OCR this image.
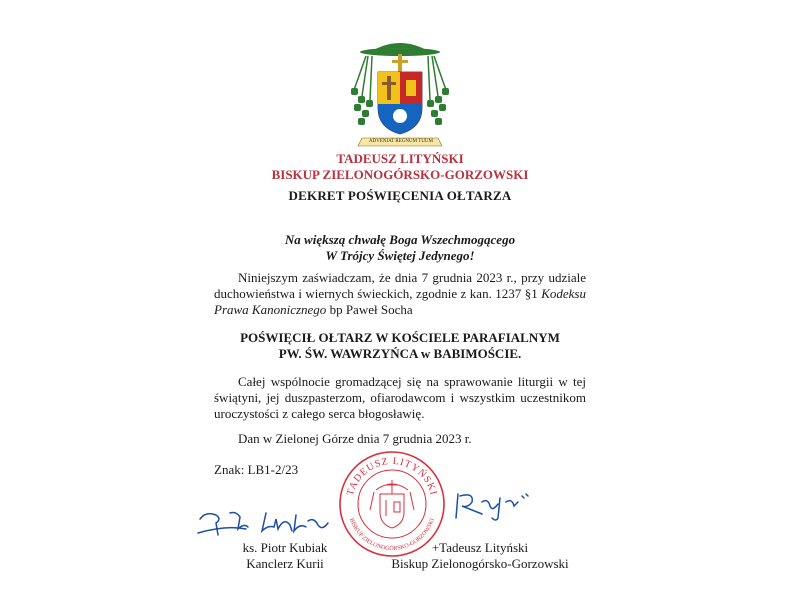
ADVENIAT REGNUM TUUM
TADEUSZ LITYŃSKI
BISKUP ZIELONOGÓRSKO-GORZOWSKI
DEKRET POŚWIĘCENIA OŁTARZA
Na większą chwałę Boga Wszechmogącego
W Trójcy Świętej Jedynego!
Niniejszym zaświadczam, że dnia 7 grudnia 2023 r., przy udziale duchowieństwa i wiernych świeckich, zgodnie z kan. 1237 §1 Kodeksu Prawa Kanonicznego bp Paweł Socha
POŚWIĘCIŁ OŁTARZ W KOŚCIELE PARAFIALNYM
PW. ŚW. WAWRZYŃCA w BABIMOŚCIE.
Całej wspólnocie gromadzącej się na sprawowanie liturgii w tej świątyni, jej duszpasterzom, ofiarodawcom i wszystkim uczestnikom uroczystości z całego serca błogosławię.
Dan w Zielonej Górze dnia 7 grudnia 2023 r.
Znak: LB1-2/23
TADEUSZ LITYŃSKI
BISKUP ZIELONOGÓRSKO-GORZOWSKI
ks. Piotr Kubiak
Kanclerz Kurii
+Tadeusz Lityński
Biskup Zielonogórsko-Gorzowski
